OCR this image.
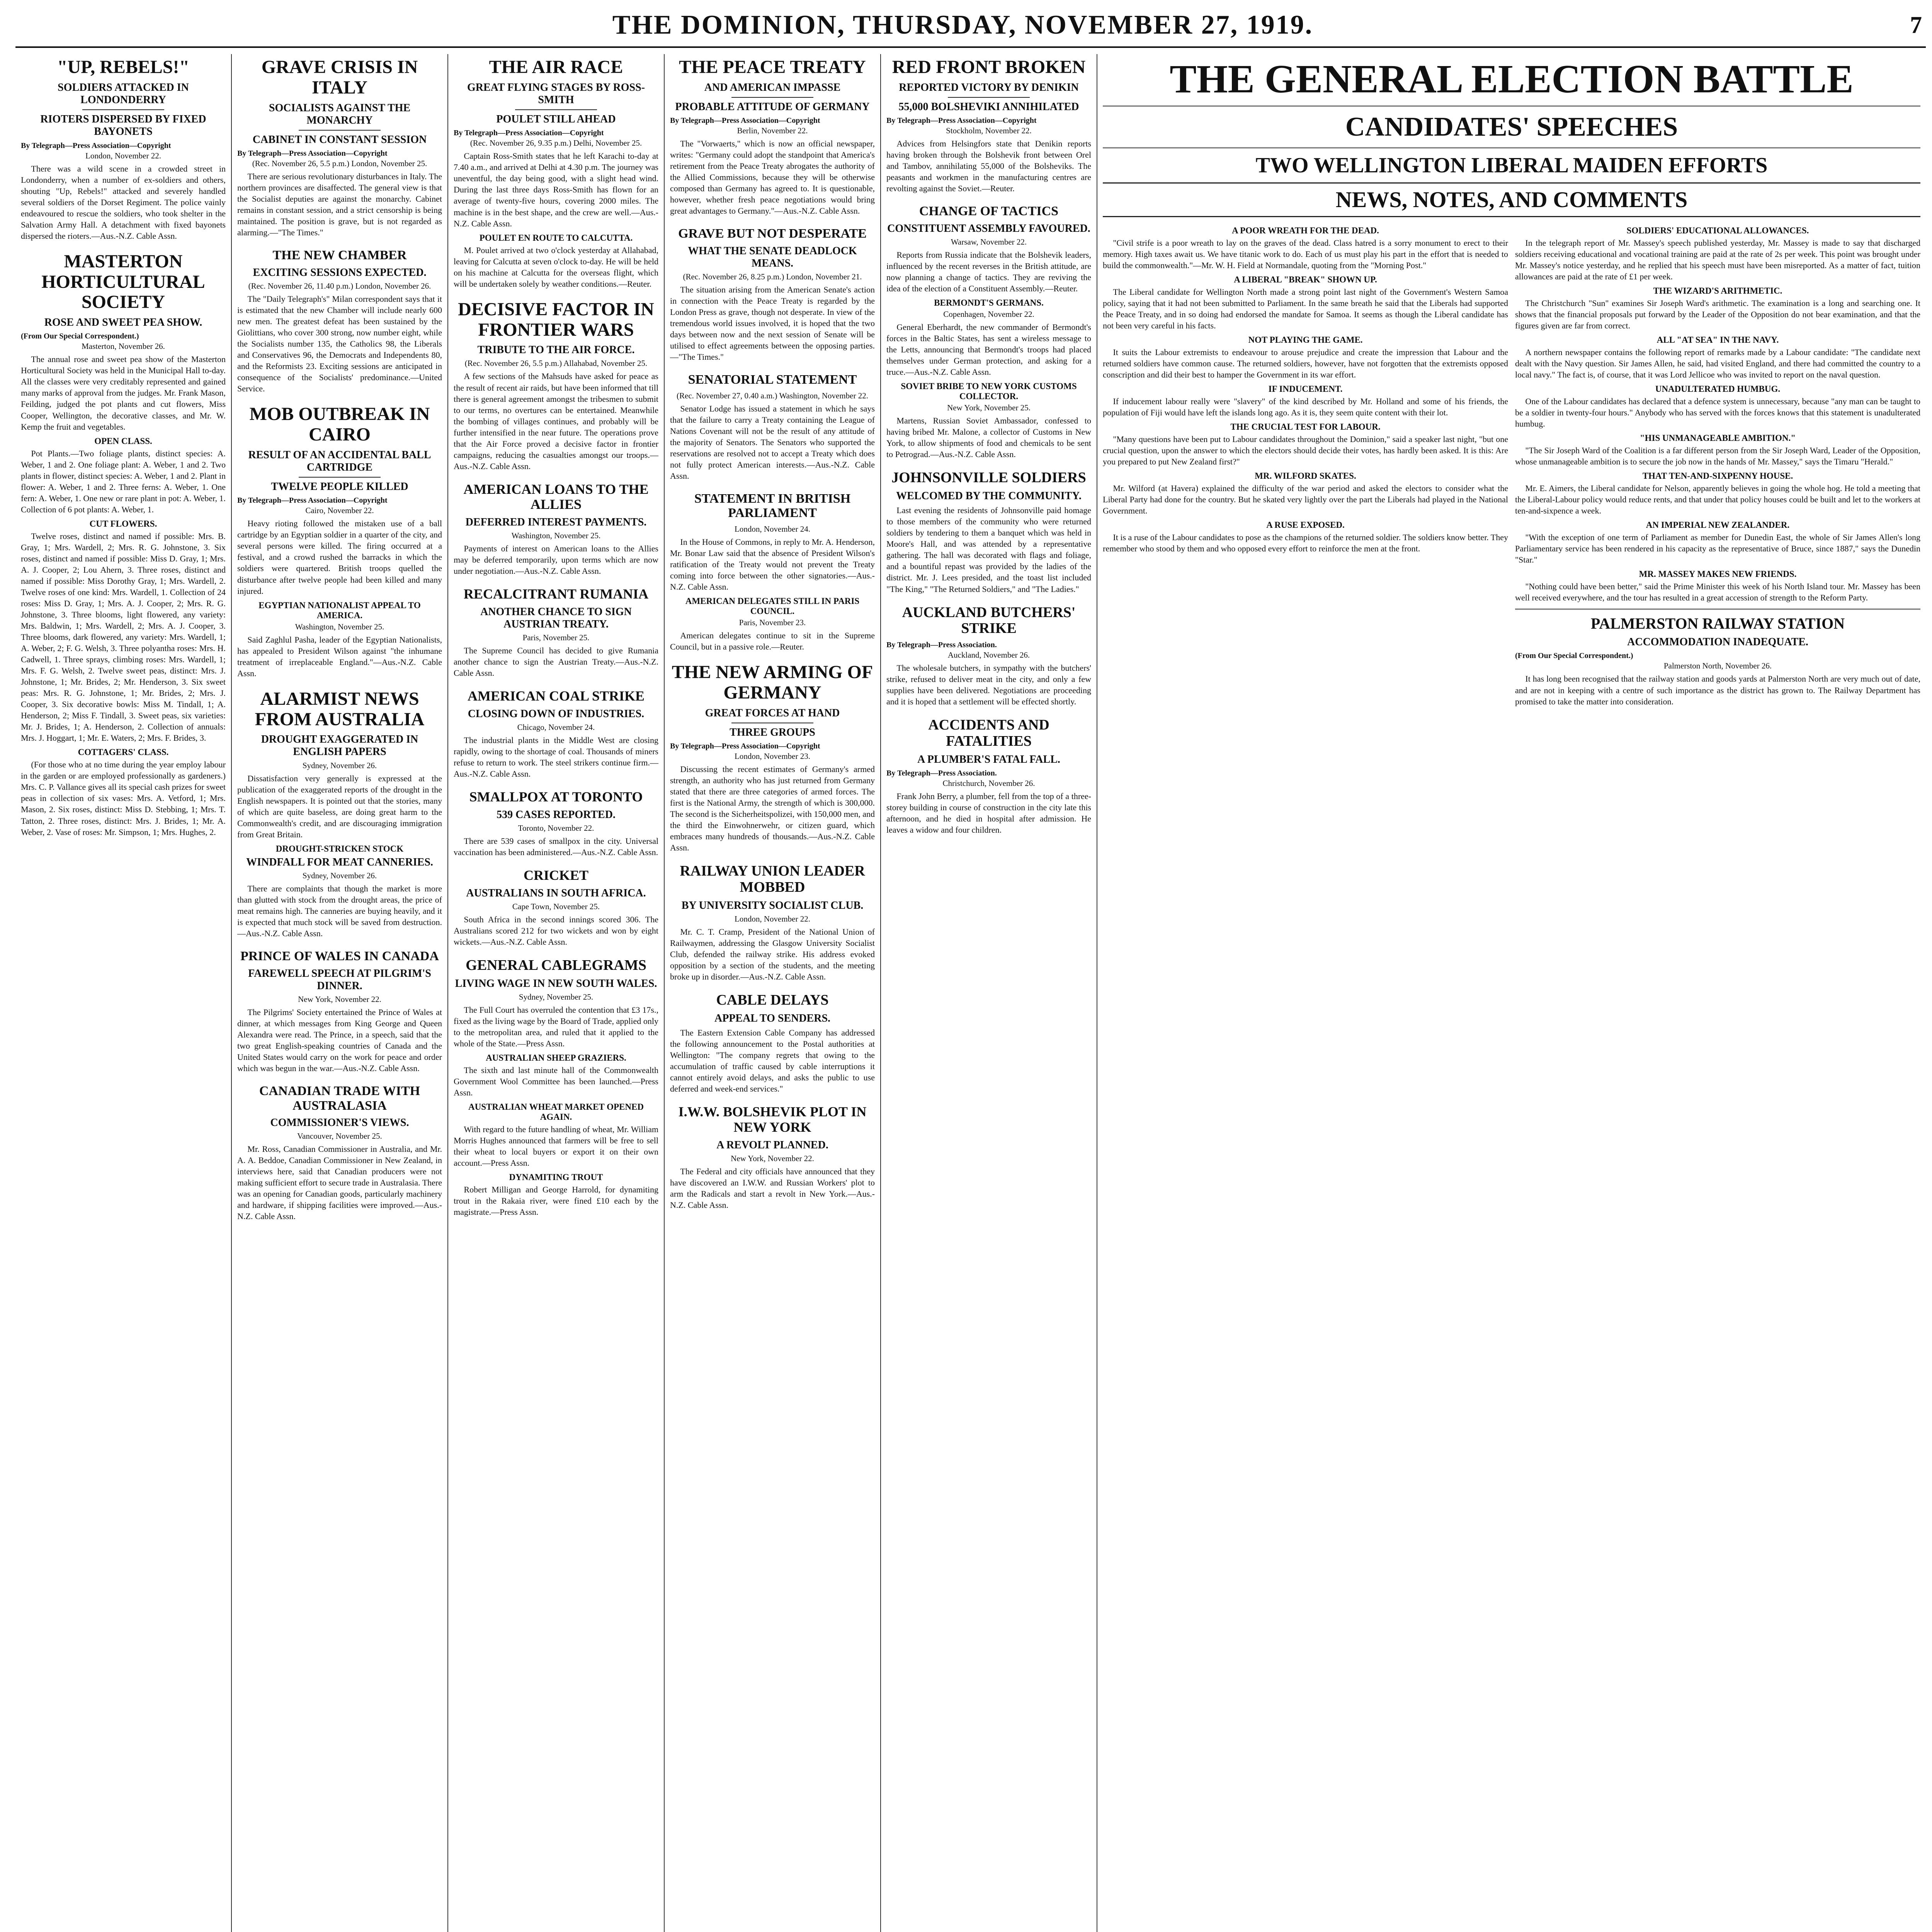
THE DOMINION, THURSDAY, NOVEMBER 27, 1919.	7
"UP, REBELS!"
SOLDIERS ATTACKED IN LONDONDERRY
RIOTERS DISPERSED BY FIXED BAYONETS
By Telegraph—Press Association—Copyright
London, November 22.

There was a wild scene in a crowded street in Londonderry, when a number of ex-soldiers and others, shouting "Up, Rebels!" attacked and severely handled several soldiers of the Dorset Regiment. The police vainly endeavoured to rescue the soldiers, who took shelter in the Salvation Army Hall. A detachment with fixed bayonets dispersed the rioters.—Aus.-N.Z. Cable Assn.

MASTERTON HORTICULTURAL SOCIETY
ROSE AND SWEET PEA SHOW.
(From Our Special Correspondent.)
Masterton, November 26.

The annual rose and sweet pea show of the Masterton Horticultural Society was held in the Municipal Hall to-day. All the classes were very creditably represented and gained many marks of approval from the judges. Mr. Frank Mason, Feilding, judged the pot plants and cut flowers, Miss Cooper, Wellington, the decorative classes, and Mr. W. Kemp the fruit and vegetables.

OPEN CLASS.

Pot Plants.—Two foliage plants, distinct species: A. Weber, 1 and 2. One foliage plant: A. Weber, 1 and 2. Two plants in flower, distinct species: A. Weber, 1 and 2. Plant in flower: A. Weber, 1 and 2. Three ferns: A. Weber, 1. One fern: A. Weber, 1. One new or rare plant in pot: A. Weber, 1. Collection of 6 pot plants: A. Weber, 1.

CUT FLOWERS.

Twelve roses, distinct and named if possible: Mrs. B. Gray, 1; Mrs. Wardell, 2; Mrs. R. G. Johnstone, 3. Six roses, distinct and named if possible: Miss D. Gray, 1; Mrs. A. J. Cooper, 2; Lou Ahern, 3. Three roses, distinct and named if possible: Miss Dorothy Gray, 1; Mrs. Wardell, 2. Twelve roses of one kind: Mrs. Wardell, 1. Collection of 24 roses: Miss D. Gray, 1; Mrs. A. J. Cooper, 2; Mrs. R. G. Johnstone, 3. Three blooms, light flowered, any variety: Mrs. Baldwin, 1; Mrs. Wardell, 2; Mrs. A. J. Cooper, 3. Three blooms, dark flowered, any variety: Mrs. Wardell, 1; A. Weber, 2; F. G. Welsh, 3. Three polyantha roses: Mrs. H. Cadwell, 1. Three sprays, climbing roses: Mrs. Wardell, 1; Mrs. F. G. Welsh, 2. Twelve sweet peas, distinct: Mrs. J. Johnstone, 1; Mr. Brides, 2; Mr. Henderson, 3. Six sweet peas: Mrs. R. G. Johnstone, 1; Mr. Brides, 2; Mrs. J. Cooper, 3. Six decorative bowls: Miss M. Tindall, 1; A. Henderson, 2; Miss F. Tindall, 3. Sweet peas, six varieties: Mr. J. Brides, 1; A. Henderson, 2. Collection of annuals: Mrs. J. Hoggart, 1; Mr. E. Waters, 2; Mrs. F. Brides, 3.

COTTAGERS' CLASS.

(For those who at no time during the year employ labour in the garden or are employed professionally as gardeners.) Mrs. C. P. Vallance gives all its special cash prizes for sweet peas in collection of six vases: Mrs. A. Vetford, 1; Mrs. Mason, 2. Six roses, distinct: Miss D. Stebbing, 1; Mrs. T. Tatton, 2. Three roses, distinct: Mrs. J. Brides, 1; Mr. A. Weber, 2. Vase of roses: Mr. Simpson, 1; Mrs. Hughes, 2.

GRAVE CRISIS IN ITALY
SOCIALISTS AGAINST THE MONARCHY
CABINET IN CONSTANT SESSION
By Telegraph—Press Association—Copyright
(Rec. November 26, 5.5 p.m.) London, November 25.

There are serious revolutionary disturbances in Italy. The northern provinces are disaffected. The general view is that the Socialist deputies are against the monarchy. Cabinet remains in constant session, and a strict censorship is being maintained. The position is grave, but is not regarded as alarming.—"The Times."

THE NEW CHAMBER
EXCITING SESSIONS EXPECTED.
(Rec. November 26, 11.40 p.m.) London, November 26.

The "Daily Telegraph's" Milan correspondent says that it is estimated that the new Chamber will include nearly 600 new men. The greatest defeat has been sustained by the Giolittians, who cover 300 strong, now number eight, while the Socialists number 135, the Catholics 98, the Liberals and Conservatives 96, the Democrats and Independents 80, and the Reformists 23. Exciting sessions are anticipated in consequence of the Socialists' predominance.—United Service.

MOB OUTBREAK IN CAIRO
RESULT OF AN ACCIDENTAL BALL CARTRIDGE
TWELVE PEOPLE KILLED
By Telegraph—Press Association—Copyright
Cairo, November 22.

Heavy rioting followed the mistaken use of a ball cartridge by an Egyptian soldier in a quarter of the city, and several persons were killed. The firing occurred at a festival, and a crowd rushed the barracks in which the soldiers were quartered. British troops quelled the disturbance after twelve people had been killed and many injured.

EGYPTIAN NATIONALIST APPEAL TO AMERICA.
Washington, November 25.

Said Zaghlul Pasha, leader of the Egyptian Nationalists, has appealed to President Wilson against "the inhumane treatment of irreplaceable England."—Aus.-N.Z. Cable Assn.

ALARMIST NEWS FROM AUSTRALIA
DROUGHT EXAGGERATED IN ENGLISH PAPERS
Sydney, November 26.

Dissatisfaction very generally is expressed at the publication of the exaggerated reports of the drought in the English newspapers. It is pointed out that the stories, many of which are quite baseless, are doing great harm to the Commonwealth's credit, and are discouraging immigration from Great Britain.

DROUGHT-STRICKEN STOCK
WINDFALL FOR MEAT CANNERIES.
Sydney, November 26.

There are complaints that though the market is more than glutted with stock from the drought areas, the price of meat remains high. The canneries are buying heavily, and it is expected that much stock will be saved from destruction.—Aus.-N.Z. Cable Assn.

PRINCE OF WALES IN CANADA
FAREWELL SPEECH AT PILGRIM'S DINNER.
New York, November 22.

The Pilgrims' Society entertained the Prince of Wales at dinner, at which messages from King George and Queen Alexandra were read. The Prince, in a speech, said that the two great English-speaking countries of Canada and the United States would carry on the work for peace and order which was begun in the war.—Aus.-N.Z. Cable Assn.

CANADIAN TRADE WITH AUSTRALASIA
COMMISSIONER'S VIEWS.
Vancouver, November 25.

Mr. Ross, Canadian Commissioner in Australia, and Mr. A. A. Beddoe, Canadian Commissioner in New Zealand, in interviews here, said that Canadian producers were not making sufficient effort to secure trade in Australasia. There was an opening for Canadian goods, particularly machinery and hardware, if shipping facilities were improved.—Aus.-N.Z. Cable Assn.

THE AIR RACE
GREAT FLYING STAGES BY ROSS-SMITH
POULET STILL AHEAD
By Telegraph—Press Association—Copyright
(Rec. November 26, 9.35 p.m.) Delhi, November 25.

Captain Ross-Smith states that he left Karachi to-day at 7.40 a.m., and arrived at Delhi at 4.30 p.m. The journey was uneventful, the day being good, with a slight head wind. During the last three days Ross-Smith has flown for an average of twenty-five hours, covering 2000 miles. The machine is in the best shape, and the crew are well.—Aus.-N.Z. Cable Assn.

POULET EN ROUTE TO CALCUTTA.

M. Poulet arrived at two o'clock yesterday at Allahabad, leaving for Calcutta at seven o'clock to-day. He will be held on his machine at Calcutta for the overseas flight, which will be undertaken solely by weather conditions.—Reuter.

DECISIVE FACTOR IN FRONTIER WARS
TRIBUTE TO THE AIR FORCE.
(Rec. November 26, 5.5 p.m.) Allahabad, November 25.

A few sections of the Mahsuds have asked for peace as the result of recent air raids, but have been informed that till there is general agreement amongst the tribesmen to submit to our terms, no overtures can be entertained. Meanwhile the bombing of villages continues, and probably will be further intensified in the near future. The operations prove that the Air Force proved a decisive factor in frontier campaigns, reducing the casualties amongst our troops.—Aus.-N.Z. Cable Assn.

AMERICAN LOANS TO THE ALLIES
DEFERRED INTEREST PAYMENTS.
Washington, November 25.

Payments of interest on American loans to the Allies may be deferred temporarily, upon terms which are now under negotiation.—Aus.-N.Z. Cable Assn.

RECALCITRANT RUMANIA
ANOTHER CHANCE TO SIGN AUSTRIAN TREATY.
Paris, November 25.

The Supreme Council has decided to give Rumania another chance to sign the Austrian Treaty.—Aus.-N.Z. Cable Assn.

AMERICAN COAL STRIKE
CLOSING DOWN OF INDUSTRIES.
Chicago, November 24.

The industrial plants in the Middle West are closing rapidly, owing to the shortage of coal. Thousands of miners refuse to return to work. The steel strikers continue firm.—Aus.-N.Z. Cable Assn.

SMALLPOX AT TORONTO
539 CASES REPORTED.
Toronto, November 22.

There are 539 cases of smallpox in the city. Universal vaccination has been administered.—Aus.-N.Z. Cable Assn.

CRICKET
AUSTRALIANS IN SOUTH AFRICA.
Cape Town, November 25.

South Africa in the second innings scored 306. The Australians scored 212 for two wickets and won by eight wickets.—Aus.-N.Z. Cable Assn.

GENERAL CABLEGRAMS
LIVING WAGE IN NEW SOUTH WALES.
Sydney, November 25.

The Full Court has overruled the contention that £3 17s., fixed as the living wage by the Board of Trade, applied only to the metropolitan area, and ruled that it applied to the whole of the State.—Press Assn.

AUSTRALIAN SHEEP GRAZIERS.

The sixth and last minute hall of the Commonwealth Government Wool Committee has been launched.—Press Assn.

AUSTRALIAN WHEAT MARKET OPENED AGAIN.

With regard to the future handling of wheat, Mr. William Morris Hughes announced that farmers will be free to sell their wheat to local buyers or export it on their own account.—Press Assn.

DYNAMITING TROUT

Robert Milligan and George Harrold, for dynamiting trout in the Rakaia river, were fined £10 each by the magistrate.—Press Assn.

THE PEACE TREATY
AND AMERICAN IMPASSE
PROBABLE ATTITUDE OF GERMANY
By Telegraph—Press Association—Copyright
Berlin, November 22.

The "Vorwaerts," which is now an official newspaper, writes: "Germany could adopt the standpoint that America's retirement from the Peace Treaty abrogates the authority of the Allied Commissions, because they will be otherwise composed than Germany has agreed to. It is questionable, however, whether fresh peace negotiations would bring great advantages to Germany."—Aus.-N.Z. Cable Assn.

GRAVE BUT NOT DESPERATE
WHAT THE SENATE DEADLOCK MEANS.
(Rec. November 26, 8.25 p.m.) London, November 21.

The situation arising from the American Senate's action in connection with the Peace Treaty is regarded by the London Press as grave, though not desperate. In view of the tremendous world issues involved, it is hoped that the two days between now and the next session of Senate will be utilised to effect agreements between the opposing parties.—"The Times."

SENATORIAL STATEMENT
(Rec. November 27, 0.40 a.m.) Washington, November 22.

Senator Lodge has issued a statement in which he says that the failure to carry a Treaty containing the League of Nations Covenant will not be the result of any attitude of the majority of Senators. The Senators who supported the reservations are resolved not to accept a Treaty which does not fully protect American interests.—Aus.-N.Z. Cable Assn.

STATEMENT IN BRITISH PARLIAMENT
London, November 24.

In the House of Commons, in reply to Mr. A. Henderson, Mr. Bonar Law said that the absence of President Wilson's ratification of the Treaty would not prevent the Treaty coming into force between the other signatories.—Aus.-N.Z. Cable Assn.

AMERICAN DELEGATES STILL IN PARIS COUNCIL.
Paris, November 23.

American delegates continue to sit in the Supreme Council, but in a passive role.—Reuter.

THE NEW ARMING OF GERMANY
GREAT FORCES AT HAND
THREE GROUPS
By Telegraph—Press Association—Copyright
London, November 23.

Discussing the recent estimates of Germany's armed strength, an authority who has just returned from Germany stated that there are three categories of armed forces. The first is the National Army, the strength of which is 300,000. The second is the Sicherheitspolizei, with 150,000 men, and the third the Einwohnerwehr, or citizen guard, which embraces many hundreds of thousands.—Aus.-N.Z. Cable Assn.

RAILWAY UNION LEADER MOBBED
BY UNIVERSITY SOCIALIST CLUB.
London, November 22.

Mr. C. T. Cramp, President of the National Union of Railwaymen, addressing the Glasgow University Socialist Club, defended the railway strike. His address evoked opposition by a section of the students, and the meeting broke up in disorder.—Aus.-N.Z. Cable Assn.

CABLE DELAYS
APPEAL TO SENDERS.

The Eastern Extension Cable Company has addressed the following announcement to the Postal authorities at Wellington: "The company regrets that owing to the accumulation of traffic caused by cable interruptions it cannot entirely avoid delays, and asks the public to use deferred and week-end services."

I.W.W. BOLSHEVIK PLOT IN NEW YORK
A REVOLT PLANNED.
New York, November 22.

The Federal and city officials have announced that they have discovered an I.W.W. and Russian Workers' plot to arm the Radicals and start a revolt in New York.—Aus.-N.Z. Cable Assn.

RED FRONT BROKEN
REPORTED VICTORY BY DENIKIN
55,000 BOLSHEVIKI ANNIHILATED
By Telegraph—Press Association—Copyright
Stockholm, November 22.

Advices from Helsingfors state that Denikin reports having broken through the Bolshevik front between Orel and Tambov, annihilating 55,000 of the Bolsheviks. The peasants and workmen in the manufacturing centres are revolting against the Soviet.—Reuter.

CHANGE OF TACTICS
CONSTITUENT ASSEMBLY FAVOURED.
Warsaw, November 22.

Reports from Russia indicate that the Bolshevik leaders, influenced by the recent reverses in the British attitude, are now planning a change of tactics. They are reviving the idea of the election of a Constituent Assembly.—Reuter.

BERMONDT'S GERMANS.
Copenhagen, November 22.

General Eberhardt, the new commander of Bermondt's forces in the Baltic States, has sent a wireless message to the Letts, announcing that Bermondt's troops had placed themselves under German protection, and asking for a truce.—Aus.-N.Z. Cable Assn.

SOVIET BRIBE TO NEW YORK CUSTOMS COLLECTOR.
New York, November 25.

Martens, Russian Soviet Ambassador, confessed to having bribed Mr. Malone, a collector of Customs in New York, to allow shipments of food and chemicals to be sent to Petrograd.—Aus.-N.Z. Cable Assn.

JOHNSONVILLE SOLDIERS
WELCOMED BY THE COMMUNITY.

Last evening the residents of Johnsonville paid homage to those members of the community who were returned soldiers by tendering to them a banquet which was held in Moore's Hall, and was attended by a representative gathering. The hall was decorated with flags and foliage, and a bountiful repast was provided by the ladies of the district. Mr. J. Lees presided, and the toast list included "The King," "The Returned Soldiers," and "The Ladies."

AUCKLAND BUTCHERS' STRIKE
By Telegraph—Press Association.
Auckland, November 26.

The wholesale butchers, in sympathy with the butchers' strike, refused to deliver meat in the city, and only a few supplies have been delivered. Negotiations are proceeding and it is hoped that a settlement will be effected shortly.

ACCIDENTS AND FATALITIES
A PLUMBER'S FATAL FALL.
By Telegraph—Press Association.
Christchurch, November 26.

Frank John Berry, a plumber, fell from the top of a three-storey building in course of construction in the city late this afternoon, and he died in hospital after admission. He leaves a widow and four children.

THE GENERAL ELECTION BATTLE
CANDIDATES' SPEECHES
TWO WELLINGTON LIBERAL MAIDEN EFFORTS
NEWS, NOTES, AND COMMENTS
A POOR WREATH FOR THE DEAD.

"Civil strife is a poor wreath to lay on the graves of the dead. Class hatred is a sorry monument to erect to their memory. High taxes await us. We have titanic work to do. Each of us must play his part in the effort that is needed to build the commonwealth."—Mr. W. H. Field at Normandale, quoting from the "Morning Post."

A LIBERAL "BREAK" SHOWN UP.

The Liberal candidate for Wellington North made a strong point last night of the Government's Western Samoa policy, saying that it had not been submitted to Parliament. In the same breath he said that the Liberals had supported the Peace Treaty, and in so doing had endorsed the mandate for Samoa. It seems as though the Liberal candidate has not been very careful in his facts.

NOT PLAYING THE GAME.

It suits the Labour extremists to endeavour to arouse prejudice and create the impression that Labour and the returned soldiers have common cause. The returned soldiers, however, have not forgotten that the extremists opposed conscription and did their best to hamper the Government in its war effort.

IF INDUCEMENT.

If inducement labour really were "slavery" of the kind described by Mr. Holland and some of his friends, the population of Fiji would have left the islands long ago. As it is, they seem quite content with their lot.

THE CRUCIAL TEST FOR LABOUR.

"Many questions have been put to Labour candidates throughout the Dominion," said a speaker last night, "but one crucial question, upon the answer to which the electors should decide their votes, has hardly been asked. It is this: Are you prepared to put New Zealand first?"

MR. WILFORD SKATES.

Mr. Wilford (at Havera) explained the difficulty of the war period and asked the electors to consider what the Liberal Party had done for the country. But he skated very lightly over the part the Liberals had played in the National Government.

A RUSE EXPOSED.

It is a ruse of the Labour candidates to pose as the champions of the returned soldier. The soldiers know better. They remember who stood by them and who opposed every effort to reinforce the men at the front.

SOLDIERS' EDUCATIONAL ALLOWANCES.

In the telegraph report of Mr. Massey's speech published yesterday, Mr. Massey is made to say that discharged soldiers receiving educational and vocational training are paid at the rate of 2s per week. This point was brought under Mr. Massey's notice yesterday, and he replied that his speech must have been misreported. As a matter of fact, tuition allowances are paid at the rate of £1 per week.

THE WIZARD'S ARITHMETIC.

The Christchurch "Sun" examines Sir Joseph Ward's arithmetic. The examination is a long and searching one. It shows that the financial proposals put forward by the Leader of the Opposition do not bear examination, and that the figures given are far from correct.

ALL "AT SEA" IN THE NAVY.

A northern newspaper contains the following report of remarks made by a Labour candidate: "The candidate next dealt with the Navy question. Sir James Allen, he said, had visited England, and there had committed the country to a local navy." The fact is, of course, that it was Lord Jellicoe who was invited to report on the naval question.

UNADULTERATED HUMBUG.

One of the Labour candidates has declared that a defence system is unnecessary, because "any man can be taught to be a soldier in twenty-four hours." Anybody who has served with the forces knows that this statement is unadulterated humbug.

"HIS UNMANAGEABLE AMBITION."

"The Sir Joseph Ward of the Coalition is a far different person from the Sir Joseph Ward, Leader of the Opposition, whose unmanageable ambition is to secure the job now in the hands of Mr. Massey," says the Timaru "Herald."

THAT TEN-AND-SIXPENNY HOUSE.

Mr. E. Aimers, the Liberal candidate for Nelson, apparently believes in going the whole hog. He told a meeting that the Liberal-Labour policy would reduce rents, and that under that policy houses could be built and let to the workers at ten-and-sixpence a week.

AN IMPERIAL NEW ZEALANDER.

"With the exception of one term of Parliament as member for Dunedin East, the whole of Sir James Allen's long Parliamentary service has been rendered in his capacity as the representative of Bruce, since 1887," says the Dunedin "Star."

MR. MASSEY MAKES NEW FRIENDS.

"Nothing could have been better," said the Prime Minister this week of his North Island tour. Mr. Massey has been well received everywhere, and the tour has resulted in a great accession of strength to the Reform Party.

PALMERSTON RAILWAY STATION
ACCOMMODATION INADEQUATE.
(From Our Special Correspondent.)
Palmerston North, November 26.

It has long been recognised that the railway station and goods yards at Palmerston North are very much out of date, and are not in keeping with a centre of such importance as the district has grown to. The Railway Department has promised to take the matter into consideration.
